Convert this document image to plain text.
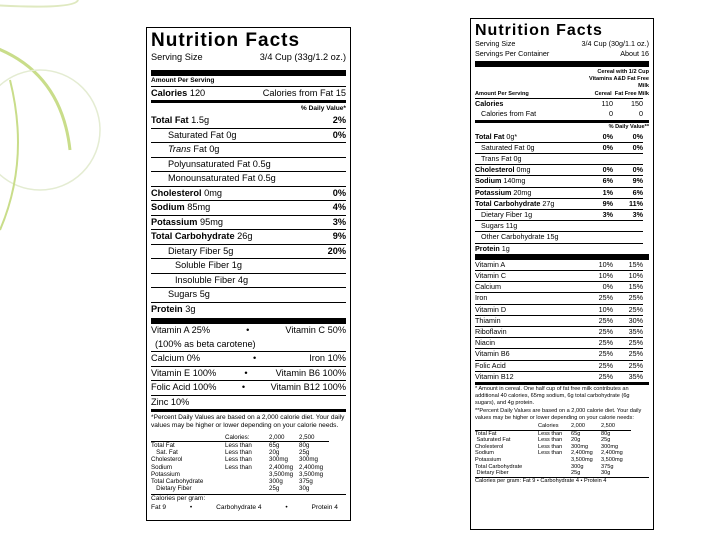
Nutrition Facts
Serving Size	3/4 Cup (33g/1.2 oz.)
Amount Per Serving
Calories 120	Calories from Fat 15
% Daily Value*
Total Fat 1.5g	2%
Saturated Fat 0g	0%
Trans Fat 0g
Polyunsaturated Fat 0.5g
Monounsaturated Fat 0.5g
Cholesterol 0mg	0%
Sodium 85mg	4%
Potassium 95mg	3%
Total Carbohydrate 26g	9%
Dietary Fiber 5g	20%
Soluble Fiber 1g
Insoluble Fiber 4g
Sugars 5g
Protein 3g
Vitamin A 25%	•	Vitamin C 50%
(100% as beta carotene)
Calcium 0%	•	Iron 10%
Vitamin E 100%	•	Vitamin B6 100%
Folic Acid 100%	•	Vitamin B12 100%
Zinc 10%
*Percent Daily Values are based on a 2,000 calorie diet. Your daily values may be higher or lower depending on your calorie needs.
Calories:	2,000	2,500
Total Fat	Less than	65g	80g
Sat. Fat	Less than	20g	25g
Cholesterol	Less than	300mg	300mg
Sodium	Less than	2,400mg 2,400mg
Potassium	3,500mg 3,500mg
Total Carbohydrate	300g	375g
Dietary Fiber	25g	30g
Calories per gram:
Fat 9	•	Carbohydrate 4	•	Protein 4
Nutrition Facts
Serving Size	3/4 Cup (30g/1.1 oz.)
Servings Per Container	About 16
Cereal with 1/2 Cup Vitamins A&D Fat Free Milk
Amount Per Serving	Cereal Fat Free Milk
Calories	110	150
Calories from Fat	0	0
% Daily Value**
Total Fat 0g*	0%	0%
Saturated Fat 0g	0%	0%
Trans Fat 0g
Cholesterol 0mg	0%	0%
Sodium 140mg	6%	9%
Potassium 20mg	1%	6%
Total Carbohydrate 27g	9%	11%
Dietary Fiber 1g	3%	3%
Sugars 11g
Other Carbohydrate 15g
Protein 1g
Vitamin A	10%	15%
Vitamin C	10%	10%
Calcium	0%	15%
Iron	25%	25%
Vitamin D	10%	25%
Thiamin	25%	30%
Riboflavin	25%	35%
Niacin	25%	25%
Vitamin B6	25%	25%
Folic Acid	25%	25%
Vitamin B12	25%	35%
* Amount in cereal. One half cup of fat free milk contributes an additional 40 calories, 65mg sodium, 6g total carbohydrate (6g sugars), and 4g protein.
**Percent Daily Values are based on a 2,000 calorie diet. Your daily values may be higher or lower depending on your calorie needs:
Calories	2,000	2,500
Total Fat	Less than	65g	80g
Saturated Fat	Less than	20g	25g
Cholesterol	Less than	300mg	300mg
Sodium	Less than	2,400mg	2,400mg
Potassium	3,500mg	3,500mg
Total Carbohydrate	300g	375g
Dietary Fiber	25g	30g
Calories per gram: Fat 9 • Carbohydrate 4 • Protein 4
